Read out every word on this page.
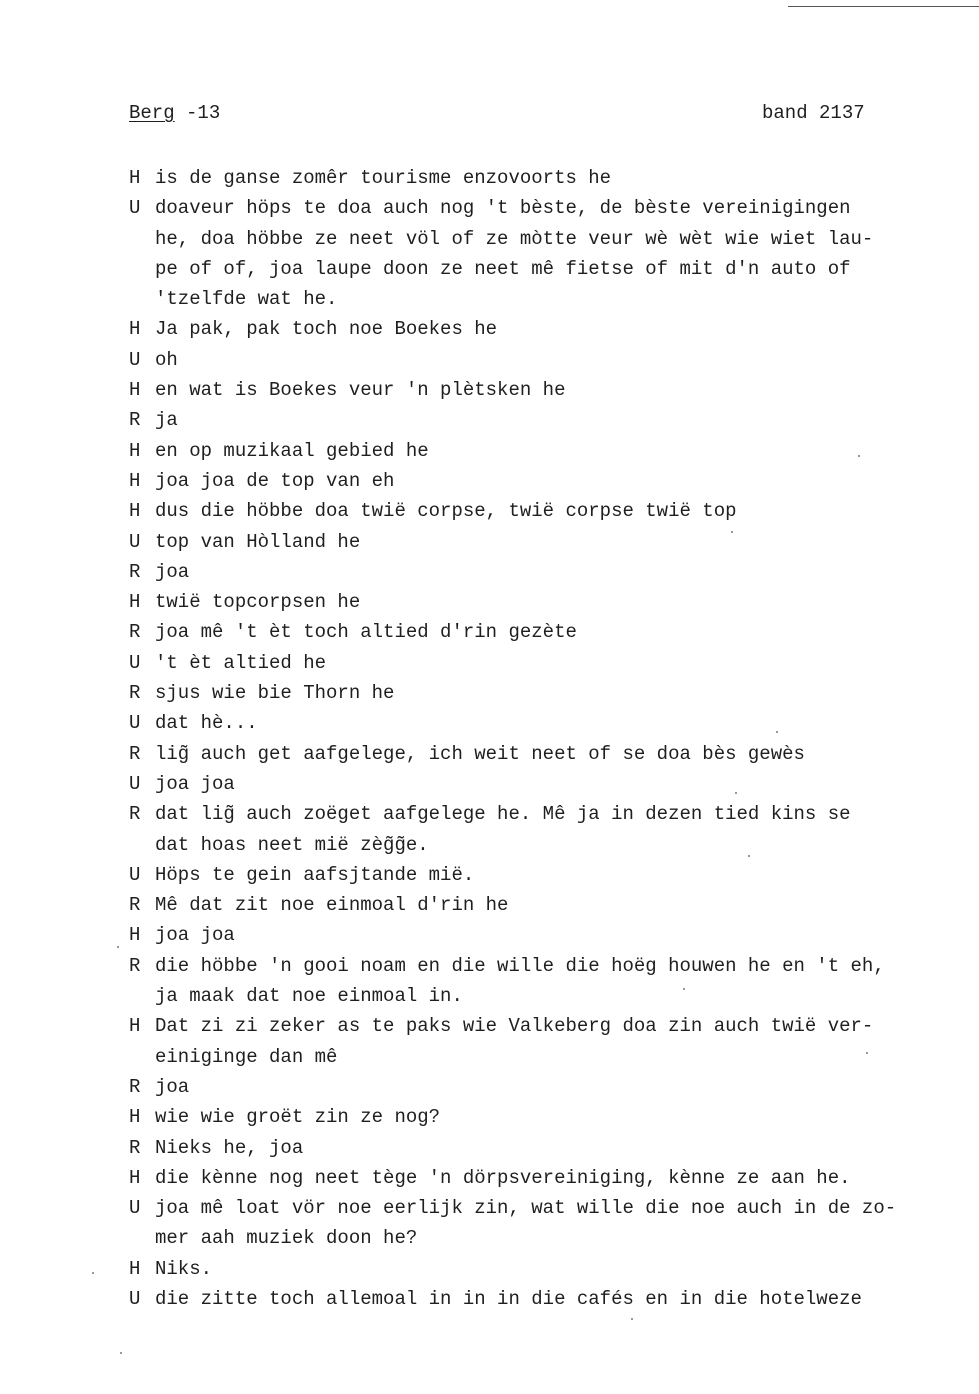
Berg -13	band 2137
H is de ganse zomêr tourisme enzovoorts he
U doaveur höps te doa auch nog 't bèste, de bèste vereinigingen
he, doa höbbe ze neet völ of ze mòtte veur wè wèt wie wiet lau-
pe of of, joa laupe doon ze neet mê fietse of mit d'n auto of
'tzelfde wat he.
H Ja pak, pak toch noe Boekes he
U oh
H en wat is Boekes veur 'n plètsken he
R ja
H en op muzikaal gebied he
H joa joa de top van eh
H dus die höbbe doa twië corpse, twië corpse twië top
U top van Hòlland he
R joa
H twië topcorpsen he
R joa mê 't èt toch altied d'rin gezète
U 't èt altied he
R sjus wie bie Thorn he
U dat hè...
R lig̃ auch get aafgelege, ich weit neet of se doa bès gewès
U joa joa
R dat lig̃ auch zoëget aafgelege he. Mê ja in dezen tied kins se
dat hoas neet mië zèg̃g̃e.
U Höps te gein aafsjtande mië.
R Mê dat zit noe einmoal d'rin he
H joa joa
R die höbbe 'n gooi noam en die wille die hoëg houwen he en 't eh,
ja maak dat noe einmoal in.
H Dat zi zi zeker as te paks wie Valkeberg doa zin auch twië ver-
einiginge dan mê
R joa
H wie wie groët zin ze nog?
R Nieks he, joa
H die kènne nog neet tège 'n dörpsvereiniging, kènne ze aan he.
U joa mê loat vör noe eerlijk zin, wat wille die noe auch in de zo-
mer aah muziek doon he?
H Niks.
U die zitte toch allemoal in in in die cafés en in die hotelweze
